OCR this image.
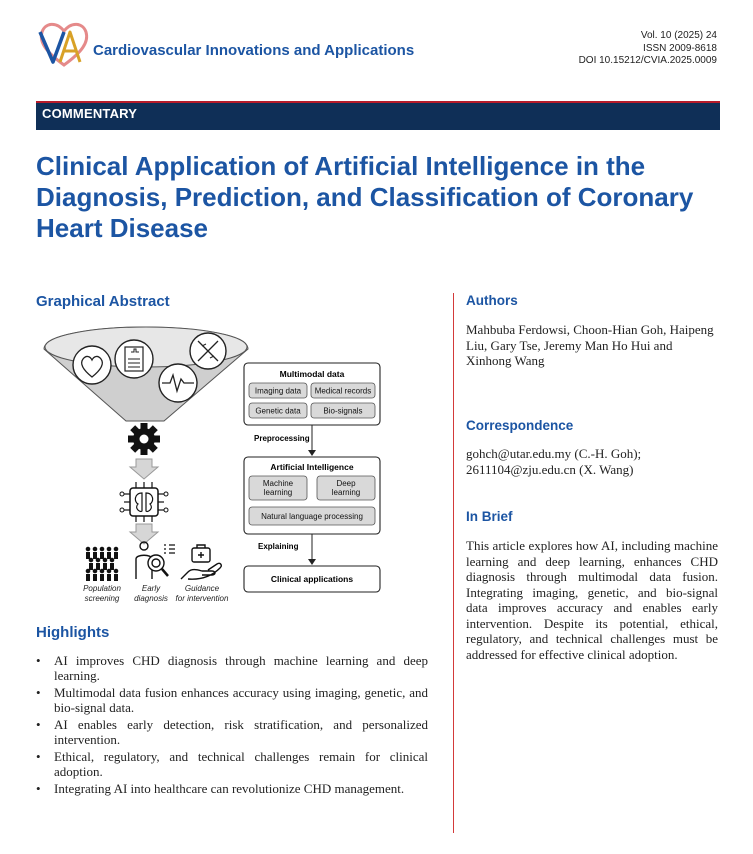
Cardiovascular Innovations and Applications
Vol. 10 (2025) 24
ISSN 2009-8618
DOI 10.15212/CVIA.2025.0009
COMMENTARY
Clinical Application of Artificial Intelligence in the Diagnosis, Prediction, and Classification of Coronary Heart Disease
Graphical Abstract
Population
screening
Early
diagnosis
Guidance
for intervention
Multimodal data
Imaging data Medical records
Genetic data	Bio-signals
Preprocessing
Artificial Intelligence
Machine
learning
Deep
learning
Natural language processing
Explaining
Clinical applications
Highlights
• AI improves CHD diagnosis through machine learning and deep learning.
• Multimodal data fusion enhances accuracy using imaging, genetic, and bio-signal data.
• AI enables early detection, risk stratification, and personalized intervention.
• Ethical, regulatory, and technical challenges remain for clinical adoption.
• Integrating AI into healthcare can revolutionize CHD management.
Authors
Mahbuba Ferdowsi, Choon-Hian Goh, Haipeng Liu, Gary Tse, Jeremy Man Ho Hui and Xinhong Wang
Correspondence
gohch@utar.edu.my (C.-H. Goh);
2611104@zju.edu.cn (X. Wang)
In Brief
This article explores how AI, including machine learning and deep learning, enhances CHD diagnosis through multimodal data fusion. Integrating imaging, genetic, and bio-signal data improves accuracy and enables early intervention. Despite its potential, ethical, regulatory, and technical challenges must be addressed for effective clinical adoption.
